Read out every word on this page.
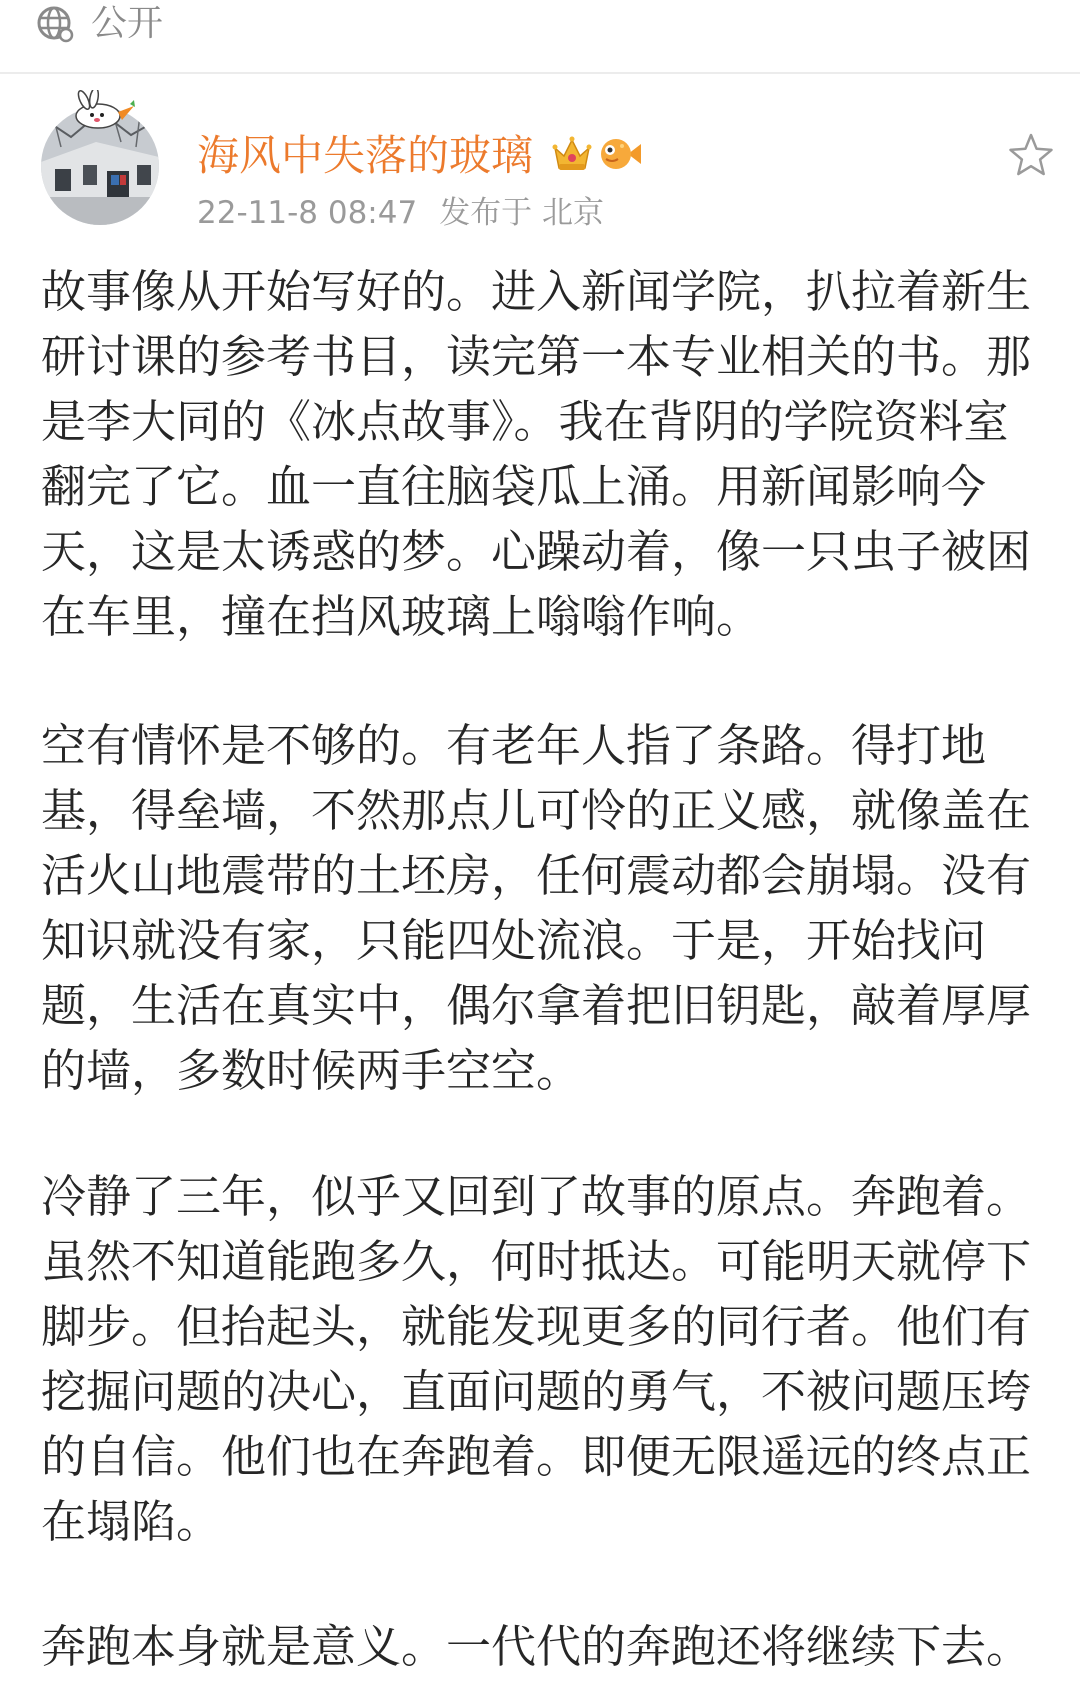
公开
海风中失落的玻璃
22-11-8 08:47 发布于 北京
故事像从开始写好的。进入新闻学院，扒拉着新生
研讨课的参考书目，读完第一本专业相关的书。那
是李大同的《冰点故事》。我在背阴的学院资料室
翻完了它。血一直往脑袋瓜上涌。用新闻影响今
天，这是太诱惑的梦。心躁动着，像一只虫子被困
在车里，撞在挡风玻璃上嗡嗡作响。
空有情怀是不够的。有老年人指了条路。得打地
基，得垒墙，不然那点儿可怜的正义感，就像盖在
活火山地震带的土坯房，任何震动都会崩塌。没有
知识就没有家，只能四处流浪。于是，开始找问
题，生活在真实中，偶尔拿着把旧钥匙，敲着厚厚
的墙，多数时候两手空空。
冷静了三年，似乎又回到了故事的原点。奔跑着。
虽然不知道能跑多久，何时抵达。可能明天就停下
脚步。但抬起头，就能发现更多的同行者。他们有
挖掘问题的决心，直面问题的勇气，不被问题压垮
的自信。他们也在奔跑着。即便无限遥远的终点正
在塌陷。
奔跑本身就是意义。一代代的奔跑还将继续下去。
